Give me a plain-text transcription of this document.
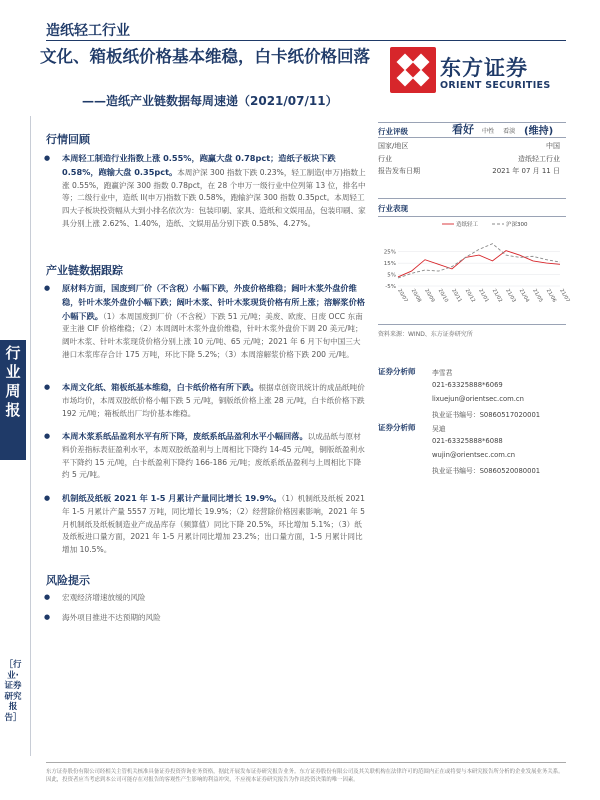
造纸轻工行业
文化、箱板纸价格基本维稳，白卡纸价格回落
——造纸产业链数据每周速递（2021/07/11）
东方证券
ORIENT SECURITIES
行业周报
［行业·证券研究报告］
行情回顾
●	本周轻工制造行业指数上涨 0.55%，跑赢大盘 0.78pct；造纸子板块下跌 0.58%，跑输大盘 0.35pct。本周沪深 300 指数下跌 0.23%，轻工制造(申万)指数上涨 0.55%，跑赢沪深 300 指数 0.78pct，在 28 个申万一级行业中位列第 13 位，排名中等；二级行业中，造纸 II(申万)指数下跌 0.58%，跑输沪深 300 指数 0.35pct。本周轻工四大子板块投资幅从大到小排名依次为：包装印刷、家具、造纸和文娱用品，包装印刷、家具分别上涨 2.62%、1.40%，造纸、文娱用品分别下跌 0.58%、4.27%。

产业链数据跟踪
●	原材料方面，国废到厂价（不含税）小幅下跌，外废价格维稳；阔叶木浆外盘价维稳，针叶木浆外盘价小幅下跌；阔叶木浆、针叶木浆现货价格有所上涨；溶解浆价格小幅下跌。（1）本周国废到厂价（不含税）下跌 51 元/吨；美废、欧废、日废 OCC 东南亚主港 CIF 价格维稳；（2）本周阔叶木浆外盘价维稳，针叶木浆外盘价下调 20 美元/吨；阔叶木浆、针叶木浆现货价格分别上涨 10 元/吨、65 元/吨；2021 年 6 月下旬中国三大港口木浆库存合计 175 万吨，环比下降 5.2%；（3）本周溶解浆价格下跌 200 元/吨。

●	本周文化纸、箱板纸基本维稳，白卡纸价格有所下跌。根据卓创资讯统计的成品纸吨价市场均价，本周双胶纸价格小幅下跌 5 元/吨，铜版纸价格上涨 28 元/吨，白卡纸价格下跌 192 元/吨；箱板纸出厂均价基本维稳。

●	本周木浆系纸品盈利水平有所下降，废纸系纸品盈利水平小幅回落。以成品纸与原材料价差指标表征盈利水平，本周双胶纸盈利与上周相比下降约 14-45 元/吨，铜版纸盈利水平下降约 15 元/吨，白卡纸盈利下降约 166-186 元/吨；废纸系纸品盈利与上周相比下降约 5 元/吨。

●	机制纸及纸板 2021 年 1-5 月累计产量同比增长 19.9%。（1）机制纸及纸板 2021 年 1-5 月累计产量 5557 万吨，同比增长 19.9%；（2）经营除价格因素影响，2021 年 5 月机制纸及纸板制造业产成品库存（频算值）同比下降 20.5%，环比增加 5.1%；（3）纸及纸板进口量方面，2021 年 1-5 月累计同比增加 23.2%；出口量方面，1-5 月累计同比增加 10.5%。

风险提示
●	宏观经济增速放缓的风险

●	海外项目推进不达预期的风险

行业评级	看好 中性 看淡 (维持)
国家/地区	中国
行业	造纸轻工行业
报告发布日期	2021 年 07 月 11 日
行业表现
25%
15%
5%
-5%
20/07 20/08 20/09 20/10 20/11 20/12 21/01 21/02 21/03 21/04 21/05 21/06 21/07
造纸轻工	沪深300
资料来源：WIND、东方证券研究所
证券分析师 李雪君
021-63325888*6069
lixuejun@orientsec.com.cn
执业证书编号：S0860517020001
证券分析师 吴迪
021-63325888*6088
wujin@orientsec.com.cn
执业证书编号：S0860520080001
东方证券股份有限公司经相关主管机关核准具备证券投资咨询业务资格，据此开展发布证券研究报告业务。东方证券股份有限公司及其关联机构在法律许可的范围内正在或将要与本研究报告所分析的企业发展业务关系。因此，投资者应当考虑到本公司可能存在对报告的客观性产生影响的利益冲突，不应视本证券研究报告为作出投资决策的唯一因素。
